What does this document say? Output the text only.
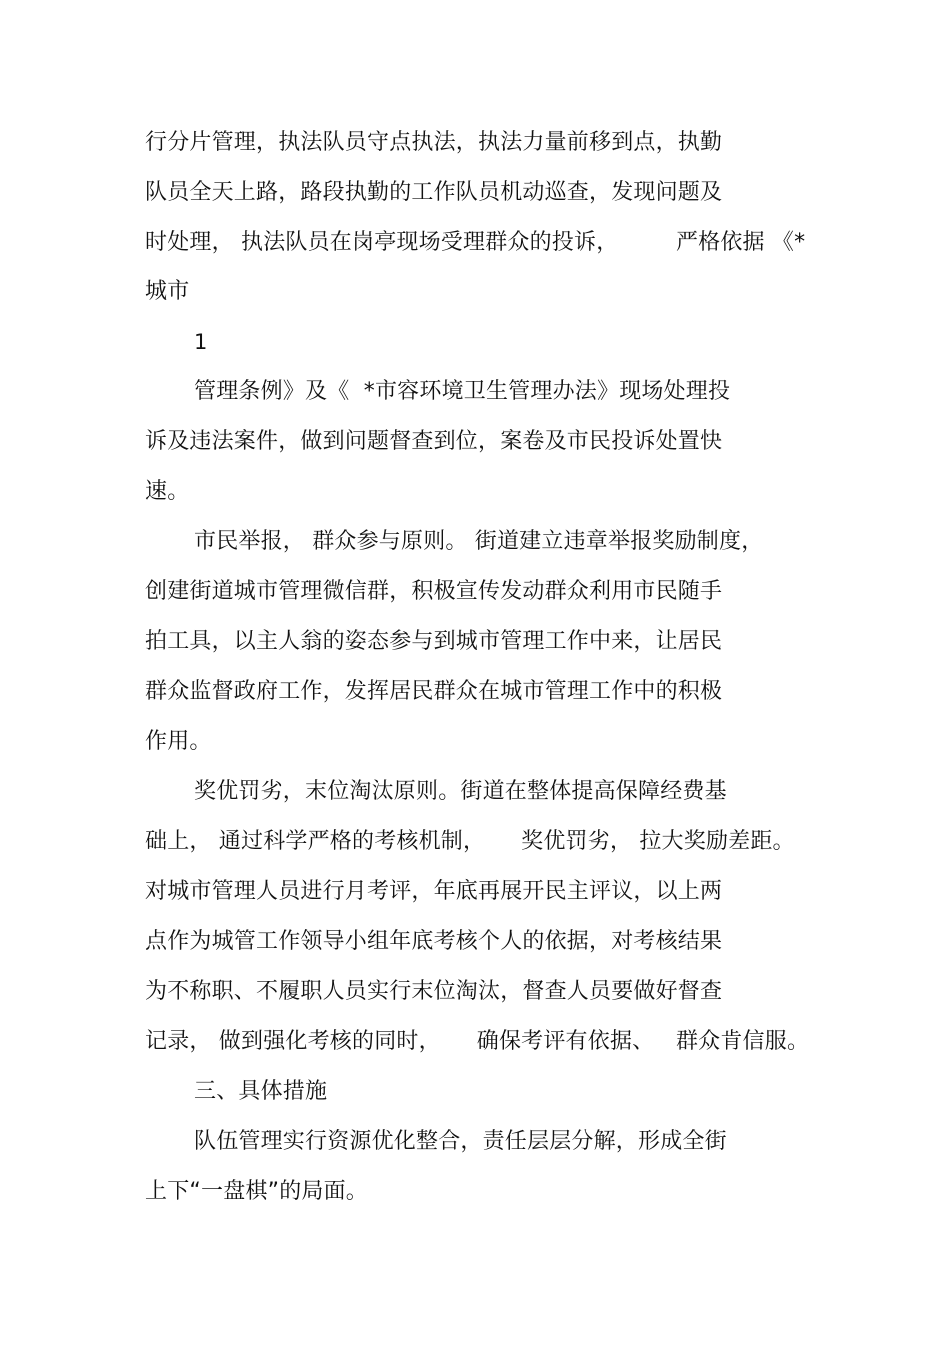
行分片管理，执法队员守点执法，执法力量前移到点，执勤
队员全天上路，路段执勤的工作队员机动巡查，发现问题及
时处理， 执法队员在岗亭现场受理群众的投诉，        严格依据 《*
城市
1
管理条例》及《  *市容环境卫生管理办法》现场处理投
诉及违法案件，做到问题督查到位，案卷及市民投诉处置快
速。
市民举报， 群众参与原则。 街道建立违章举报奖励制度，
创建街道城市管理微信群，积极宣传发动群众利用市民随手
拍工具，以主人翁的姿态参与到城市管理工作中来，让居民
群众监督政府工作，发挥居民群众在城市管理工作中的积极
作用。
奖优罚劣，末位淘汰原则。街道在整体提高保障经费基
础上， 通过科学严格的考核机制，     奖优罚劣， 拉大奖励差距。
对城市管理人员进行月考评，年底再展开民主评议，以上两
点作为城管工作领导小组年底考核个人的依据，对考核结果
为不称职、不履职人员实行末位淘汰，督查人员要做好督查
记录， 做到强化考核的同时，     确保考评有依据、   群众肯信服。
三、具体措施
队伍管理实行资源优化整合，责任层层分解，形成全街
上下“一盘棋”的局面。
